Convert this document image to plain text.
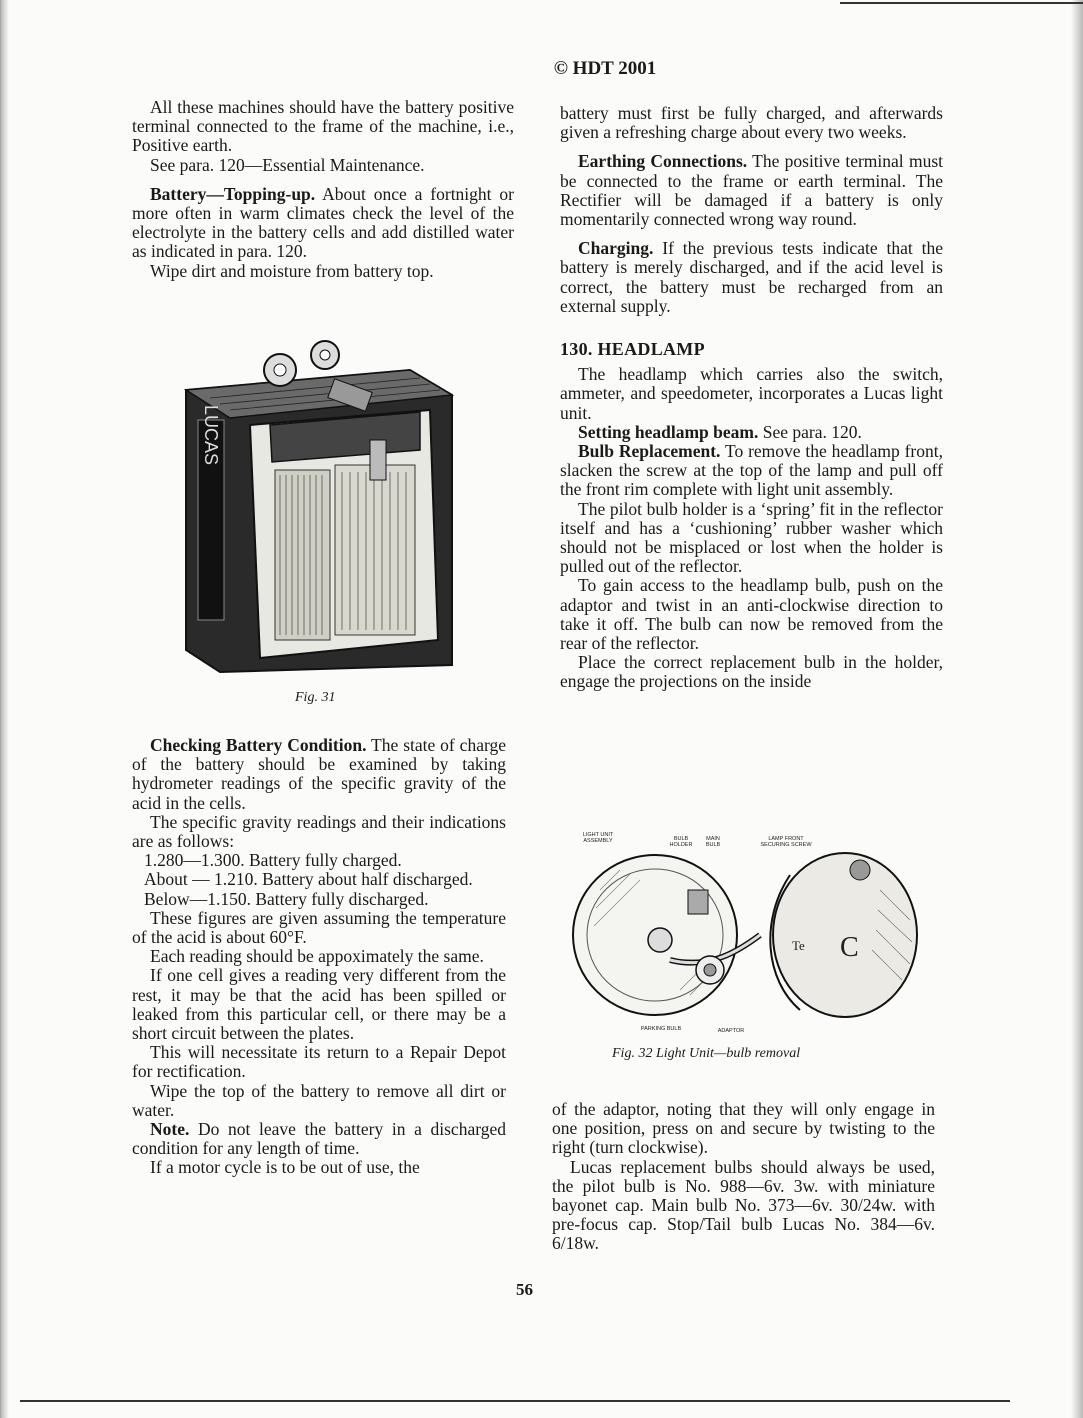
© HDT 2001

All these machines should have the battery positive terminal connected to the frame of the machine, i.e., Positive earth.

See para. 120—Essential Maintenance.

Battery—Topping-up. About once a fortnight or more often in warm climates check the level of the electrolyte in the battery cells and add distilled water as indicated in para. 120.

Wipe dirt and moisture from battery top.

LUCAS
Fig. 31

Checking Battery Condition. The state of charge of the battery should be examined by taking hydrometer readings of the specific gravity of the acid in the cells.

The specific gravity readings and their indications are as follows:

1.280—1.300. Battery fully charged.

About — 1.210. Battery about half discharged.

Below—1.150. Battery fully discharged.

These figures are given assuming the temperature of the acid is about 60°F.

Each reading should be appoximately the same.

If one cell gives a reading very different from the rest, it may be that the acid has been spilled or leaked from this particular cell, or there may be a short circuit between the plates.

This will necessitate its return to a Repair Depot for rectification.

Wipe the top of the battery to remove all dirt or water.

Note. Do not leave the battery in a discharged condition for any length of time.

If a motor cycle is to be out of use, the

battery must first be fully charged, and afterwards given a refreshing charge about every two weeks.

Earthing Connections. The positive terminal must be connected to the frame or earth terminal. The Rectifier will be damaged if a battery is only momentarily connected wrong way round.

Charging. If the previous tests indicate that the battery is merely discharged, and if the acid level is correct, the battery must be recharged from an external supply.

130. HEADLAMP

The headlamp which carries also the switch, ammeter, and speedometer, incorporates a Lucas light unit.

Setting headlamp beam. See para. 120.

Bulb Replacement. To remove the headlamp front, slacken the screw at the top of the lamp and pull off the front rim complete with light unit assembly.

The pilot bulb holder is a ‘spring’ fit in the reflector itself and has a ‘cushioning’ rubber washer which should not be misplaced or lost when the holder is pulled out of the reflector.

To gain access to the headlamp bulb, push on the adaptor and twist in an anti-clockwise direction to take it off. The bulb can now be removed from the rear of the reflector.

Place the correct replacement bulb in the holder, engage the projections on the inside

LIGHT UNIT ASSEMBLY	BULB HOLDER
MAIN BULB
LAMP FRONT SECURING SCREW
PARKING BULB	ADAPTOR
Te C
Fig. 32 Light Unit—bulb removal

of the adaptor, noting that they will only engage in one position, press on and secure by twisting to the right (turn clockwise).

Lucas replacement bulbs should always be used, the pilot bulb is No. 988—6v. 3w. with miniature bayonet cap. Main bulb No. 373—6v. 30/24w. with pre-focus cap. Stop/Tail bulb Lucas No. 384—6v. 6/18w.

56
